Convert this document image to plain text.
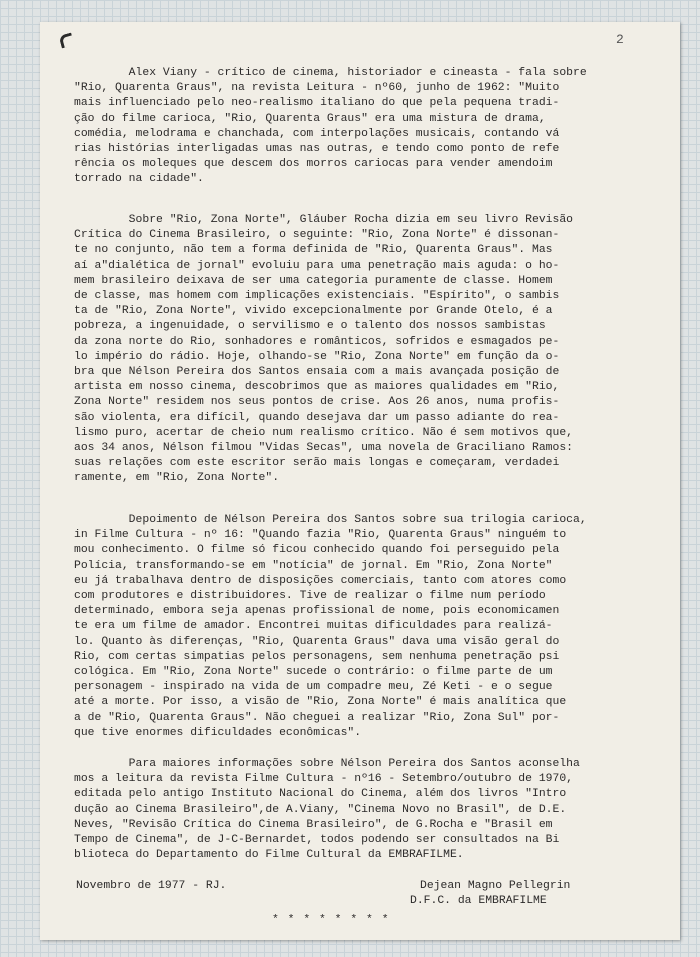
2

Alex Viany - crítico de cinema, historiador e cineasta - fala sobre
"Rio, Quarenta Graus", na revista Leitura - nº60, junho de 1962: "Muito
mais influenciado pelo neo-realismo italiano do que pela pequena tradi-
ção do filme carioca, "Rio, Quarenta Graus" era uma mistura de drama,
comédia, melodrama e chanchada, com interpolações musicais, contando vá
rias histórias interligadas umas nas outras, e tendo como ponto de refe
rência os moleques que descem dos morros cariocas para vender amendoim
torrado na cidade".

Sobre "Rio, Zona Norte", Gláuber Rocha dizia em seu livro Revisão
Crítica do Cinema Brasileiro, o seguinte: "Rio, Zona Norte" é dissonan-
te no conjunto, não tem a forma definida de "Rio, Quarenta Graus". Mas
aí a"dialética de jornal" evoluiu para uma penetração mais aguda: o ho-
mem brasileiro deixava de ser uma categoria puramente de classe. Homem
de classe, mas homem com implicações existenciais. "Espírito", o sambis
ta de "Rio, Zona Norte", vivido excepcionalmente por Grande Otelo, é a
pobreza, a ingenuidade, o servilismo e o talento dos nossos sambistas
da zona norte do Rio, sonhadores e românticos, sofridos e esmagados pe-
lo império do rádio. Hoje, olhando-se "Rio, Zona Norte" em função da o-
bra que Nélson Pereira dos Santos ensaia com a mais avançada posição de
artista em nosso cinema, descobrimos que as maiores qualidades em "Rio,
Zona Norte" residem nos seus pontos de crise. Aos 26 anos, numa profis-
são violenta, era difícil, quando desejava dar um passo adiante do rea-
lismo puro, acertar de cheio num realismo crítico. Não é sem motivos que,
aos 34 anos, Nélson filmou "Vidas Secas", uma novela de Graciliano Ramos:
suas relações com este escritor serão mais longas e começaram, verdadei
ramente, em "Rio, Zona Norte".

Depoimento de Nélson Pereira dos Santos sobre sua trilogia carioca,
in Filme Cultura - nº 16: "Quando fazia "Rio, Quarenta Graus" ninguém to
mou conhecimento. O filme só ficou conhecido quando foi perseguido pela
Polícia, transformando-se em "notícia" de jornal. Em "Rio, Zona Norte"
eu já trabalhava dentro de disposições comerciais, tanto com atores como
com produtores e distribuidores. Tive de realizar o filme num período
determinado, embora seja apenas profissional de nome, pois economicamen
te era um filme de amador. Encontrei muitas dificuldades para realizá-
lo. Quanto às diferenças, "Rio, Quarenta Graus" dava uma visão geral do
Rio, com certas simpatias pelos personagens, sem nenhuma penetração psi
cológica. Em "Rio, Zona Norte" sucede o contrário: o filme parte de um
personagem - inspirado na vida de um compadre meu, Zé Keti - e o segue
até a morte. Por isso, a visão de "Rio, Zona Norte" é mais analítica que
a de "Rio, Quarenta Graus". Não cheguei a realizar "Rio, Zona Sul" por-
que tive enormes dificuldades econômicas".

Para maiores informações sobre Nélson Pereira dos Santos aconselha
mos a leitura da revista Filme Cultura - nº16 - Setembro/outubro de 1970,
editada pelo antigo Instituto Nacional do Cinema, além dos livros "Intro
dução ao Cinema Brasileiro",de A.Viany, "Cinema Novo no Brasil", de D.E.
Neves, "Revisão Crítica do Cinema Brasileiro", de G.Rocha e "Brasil em
Tempo de Cinema", de J-C-Bernardet, todos podendo ser consultados na Bi
blioteca do Departamento do Filme Cultural da EMBRAFILME.

Novembro de 1977 - RJ.	Dejean Magno Pellegrin
D.F.C. da EMBRAFILME
* * * * * * * *
